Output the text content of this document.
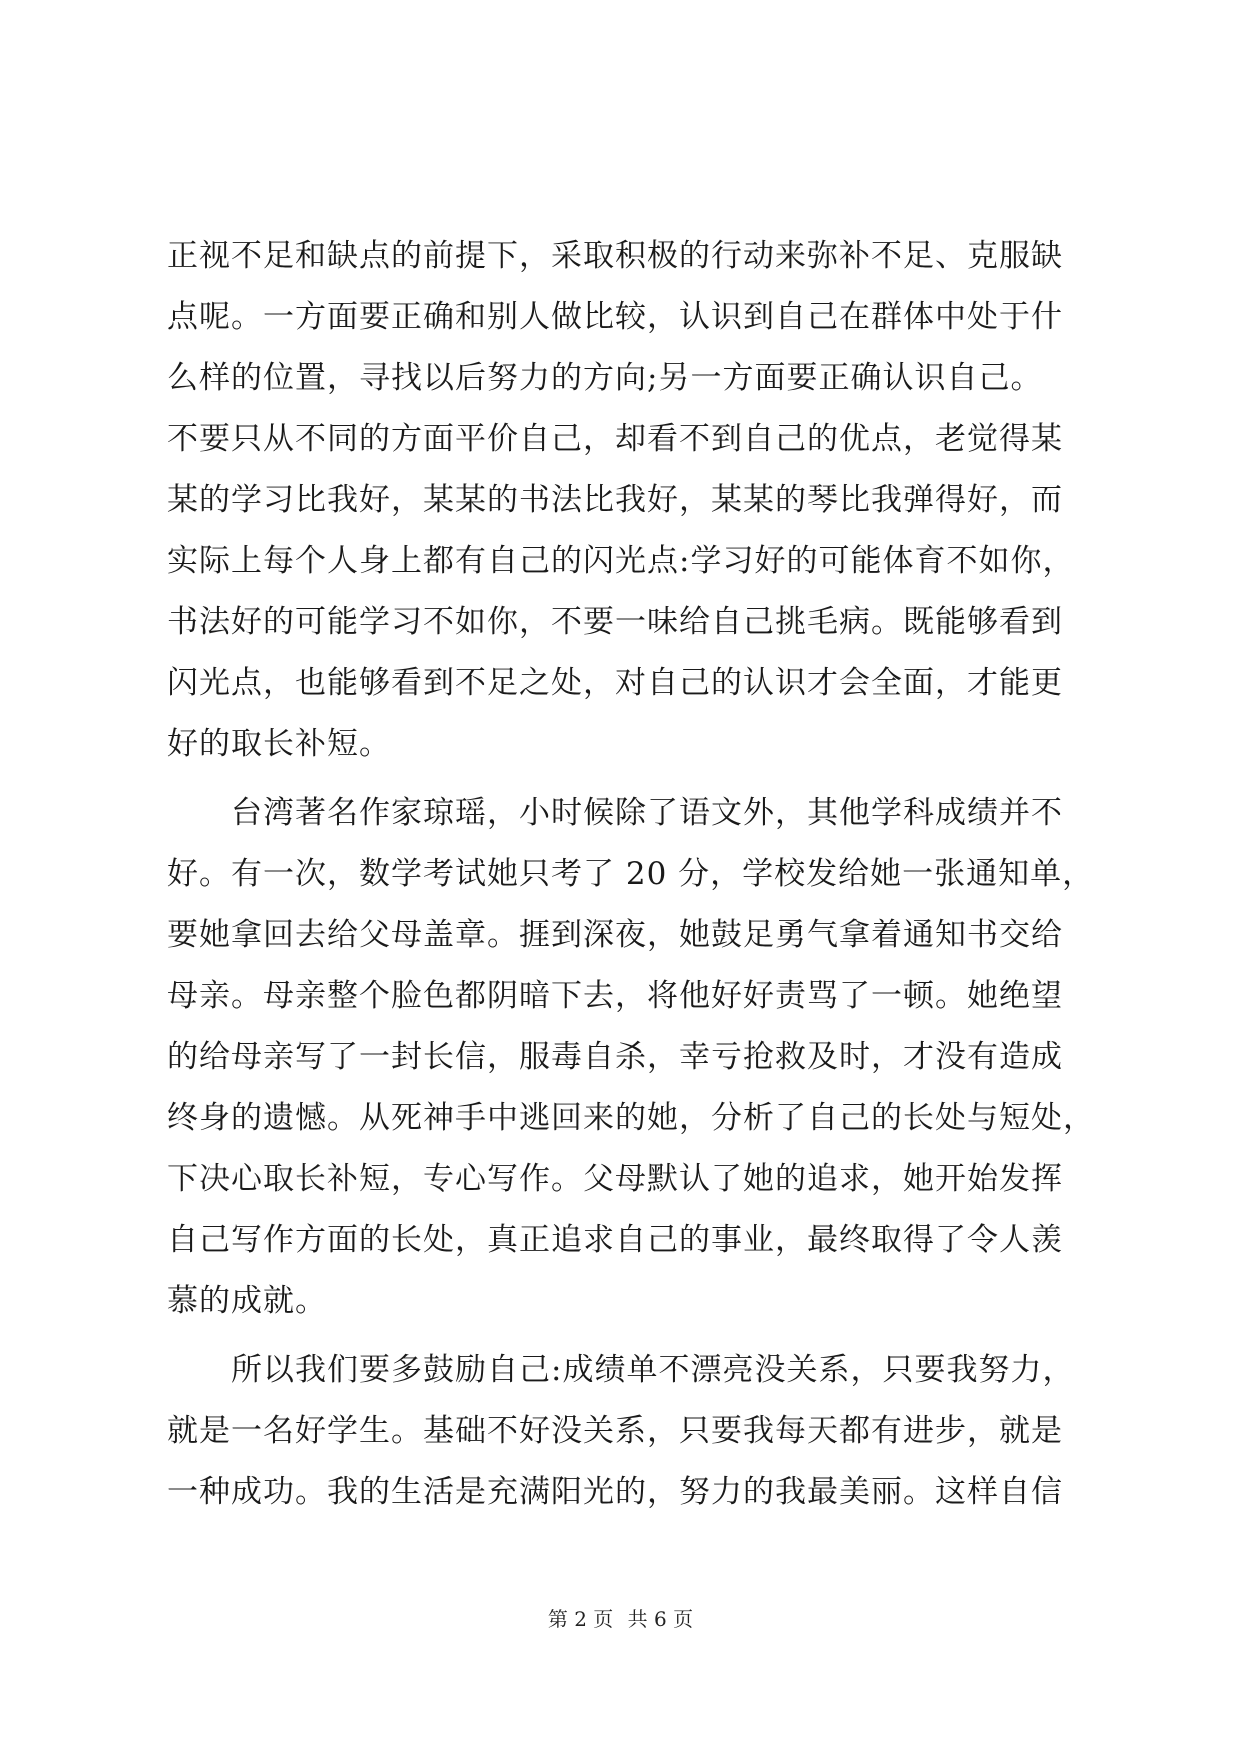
正视不足和缺点的前提下，采取积极的行动来弥补不足、克服缺
点呢。一方面要正确和别人做比较，认识到自己在群体中处于什
么样的位置，寻找以后努力的方向;另一方面要正确认识自己。
不要只从不同的方面平价自己，却看不到自己的优点，老觉得某
某的学习比我好，某某的书法比我好，某某的琴比我弹得好，而
实际上每个人身上都有自己的闪光点:学习好的可能体育不如你，
书法好的可能学习不如你，不要一味给自己挑毛病。既能够看到
闪光点，也能够看到不足之处，对自己的认识才会全面，才能更
好的取长补短。
　　台湾著名作家琼瑶，小时候除了语文外，其他学科成绩并不
好。有一次，数学考试她只考了 20 分，学校发给她一张通知单，
要她拿回去给父母盖章。捱到深夜，她鼓足勇气拿着通知书交给
母亲。母亲整个脸色都阴暗下去，将他好好责骂了一顿。她绝望
的给母亲写了一封长信，服毒自杀，幸亏抢救及时，才没有造成
终身的遗憾。从死神手中逃回来的她，分析了自己的长处与短处，
下决心取长补短，专心写作。父母默认了她的追求，她开始发挥
自己写作方面的长处，真正追求自己的事业，最终取得了令人羡
慕的成就。
　　所以我们要多鼓励自己:成绩单不漂亮没关系，只要我努力，
就是一名好学生。基础不好没关系，只要我每天都有进步，就是
一种成功。我的生活是充满阳光的，努力的我最美丽。这样自信
第 2 页 共 6 页
